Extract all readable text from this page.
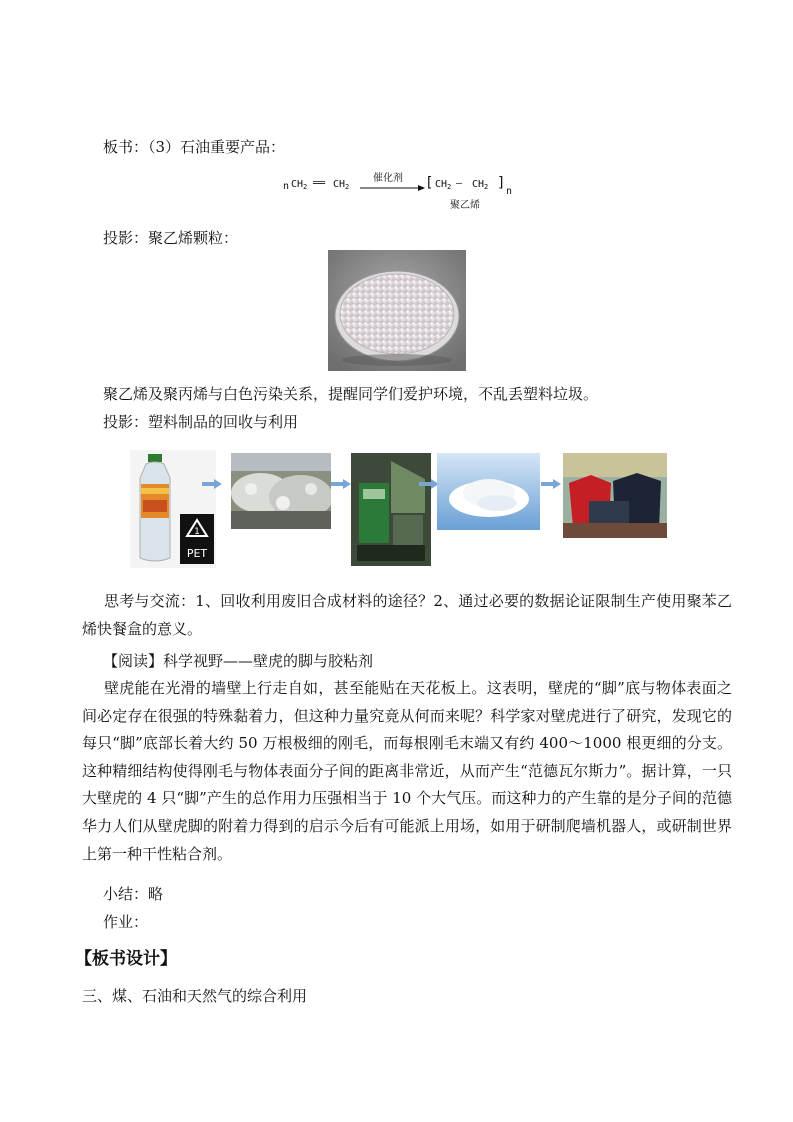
板书：（3）石油重要产品：
n $CH_2$ ══ $CH_2$
催化剂 [ $CH_2$ — $CH_2$ ]
n
聚乙烯
投影：聚乙烯颗粒：
聚乙烯及聚丙烯与白色污染关系，提醒同学们爱护环境，不乱丢塑料垃圾。
投影：塑料制品的回收与利用
1
PET

思考与交流：1、回收利用废旧合成材料的途径？2、通过必要的数据论证限制生产使用聚苯乙烯快餐盒的意义。

【阅读】科学视野——壁虎的脚与胶粘剂

壁虎能在光滑的墙壁上行走自如，甚至能贴在天花板上。这表明，壁虎的“脚”底与物体表面之间必定存在很强的特殊黏着力，但这种力量究竟从何而来呢？科学家对壁虎进行了研究，发现它的每只“脚”底部长着大约 50 万根极细的刚毛，而每根刚毛末端又有约 400～1000 根更细的分支。这种精细结构使得刚毛与物体表面分子间的距离非常近，从而产生“范德瓦尔斯力”。据计算，一只大壁虎的 4 只“脚”产生的总作用力压强相当于 10 个大气压。而这种力的产生靠的是分子间的范德华力人们从壁虎脚的附着力得到的启示今后有可能派上用场，如用于研制爬墙机器人，或研制世界上第一种干性粘合剂。

小结：略
作业：
【板书设计】
三、煤、石油和天然气的综合利用
